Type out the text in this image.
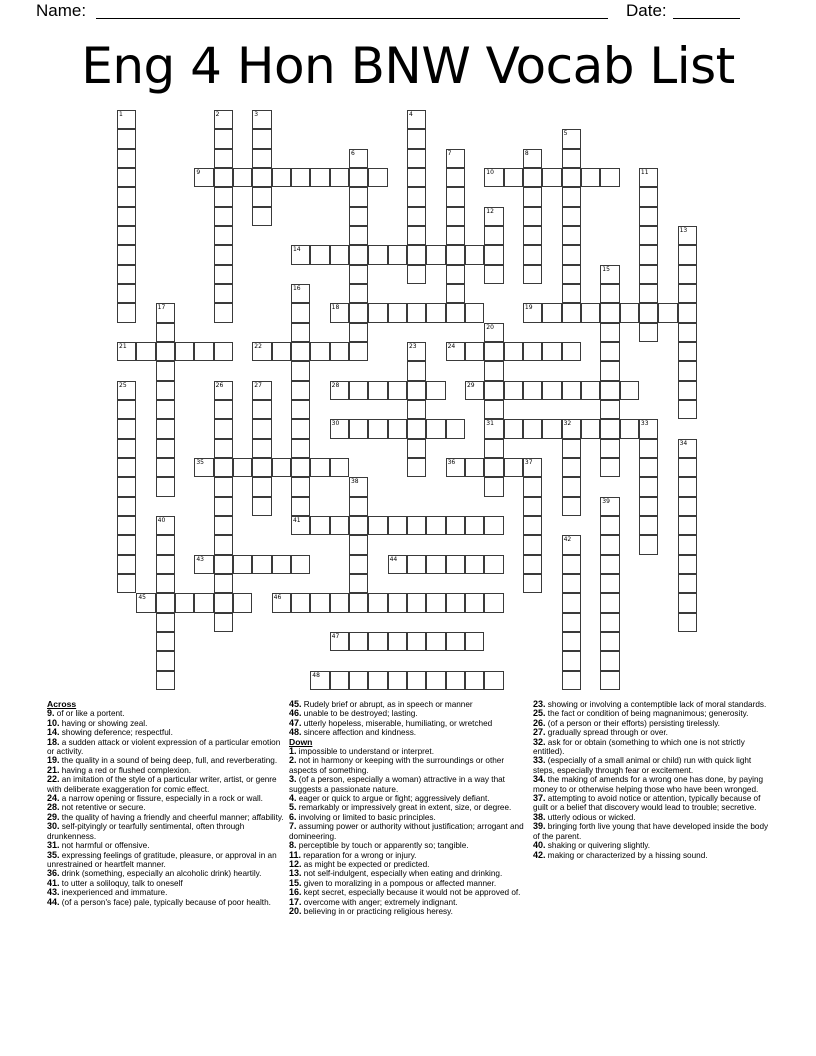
Name:	Date:
Eng 4 Hon BNW Vocab List
1	2	3	4
5
6	7	8
9	10	11
12
13
14
15
16
41
17	18	19
20
31
21	22	23	24
25	26	27	28	29
30	32	33
34
35	36	37
38
39
40
42
43	44
45	46
47
48
Across
9. of or like a portent.
10. having or showing zeal.
14. showing deference; respectful.
18. a sudden attack or violent expression of a particular emotion or activity.
19. the quality in a sound of being deep, full, and reverberating.
21. having a red or flushed complexion.
22. an imitation of the style of a particular writer, artist, or genre with deliberate exaggeration for comic effect.
24. a narrow opening or fissure, especially in a rock or wall.
28. not retentive or secure.
29. the quality of having a friendly and cheerful manner; affability.
30. self-pityingly or tearfully sentimental, often through drunkenness.
31. not harmful or offensive.
35. expressing feelings of gratitude, pleasure, or approval in an unrestrained or heartfelt manner.
36. drink (something, especially an alcoholic drink) heartily.
41. to utter a soliloquy, talk to oneself
43. inexperienced and immature.
44. (of a person's face) pale, typically because of poor health.
45. Rudely brief or abrupt, as in speech or manner
46. unable to be destroyed; lasting.
47. utterly hopeless, miserable, humiliating, or wretched
48. sincere affection and kindness.
Down
1. impossible to understand or interpret.
2. not in harmony or keeping with the surroundings or other aspects of something.
3. (of a person, especially a woman) attractive in a way that suggests a passionate nature.
4. eager or quick to argue or fight; aggressively defiant.
5. remarkably or impressively great in extent, size, or degree.
6. involving or limited to basic principles.
7. assuming power or authority without justification; arrogant and domineering.
8. perceptible by touch or apparently so; tangible.
11. reparation for a wrong or injury.
12. as might be expected or predicted.
13. not self-indulgent, especially when eating and drinking.
15. given to moralizing in a pompous or affected manner.
16. kept secret, especially because it would not be approved of.
17. overcome with anger; extremely indignant.
20. believing in or practicing religious heresy.
23. showing or involving a contemptible lack of moral standards.
25. the fact or condition of being magnanimous; generosity.
26. (of a person or their efforts) persisting tirelessly.
27. gradually spread through or over.
32. ask for or obtain (something to which one is not strictly entitled).
33. (especially of a small animal or child) run with quick light steps, especially through fear or excitement.
34. the making of amends for a wrong one has done, by paying money to or otherwise helping those who have been wronged.
37. attempting to avoid notice or attention, typically because of guilt or a belief that discovery would lead to trouble; secretive.
38. utterly odious or wicked.
39. bringing forth live young that have developed inside the body of the parent.
40. shaking or quivering slightly.
42. making or characterized by a hissing sound.
